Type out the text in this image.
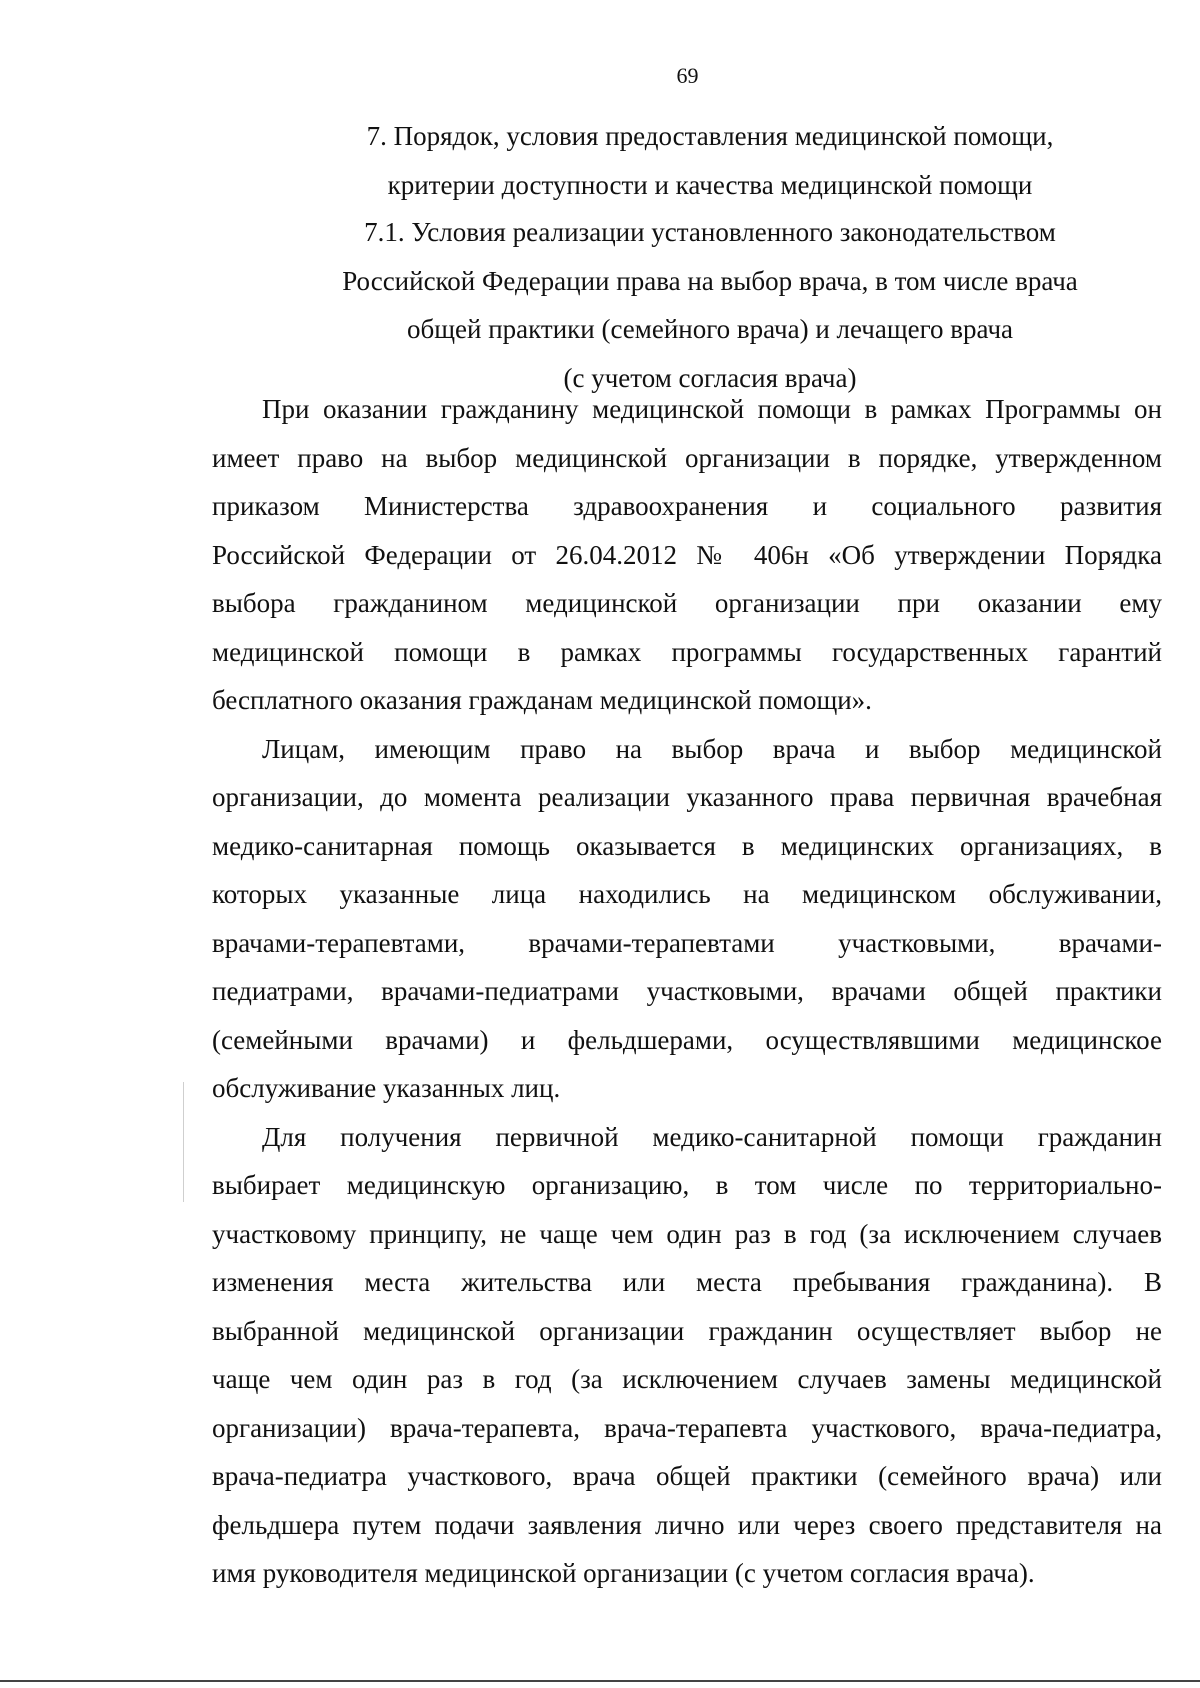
69
7. Порядок, условия предоставления медицинской помощи,
критерии доступности и качества медицинской помощи
7.1. Условия реализации установленного законодательством
Российской Федерации права на выбор врача, в том числе врача
общей практики (семейного врача) и лечащего врача
(с учетом согласия врача)
При оказании гражданину медицинской помощи в рамках Программы он
имеет право на выбор медицинской организации в порядке, утвержденном
приказом Министерства здравоохранения и социального развития
Российской Федерации от 26.04.2012 № 406н «Об утверждении Порядка
выбора гражданином медицинской организации при оказании ему
медицинской помощи в рамках программы государственных гарантий
бесплатного оказания гражданам медицинской помощи».
Лицам, имеющим право на выбор врача и выбор медицинской
организации, до момента реализации указанного права первичная врачебная
медико-санитарная помощь оказывается в медицинских организациях, в
которых указанные лица находились на медицинском обслуживании,
врачами-терапевтами, врачами-терапевтами участковыми, врачами-
педиатрами, врачами-педиатрами участковыми, врачами общей практики
(семейными врачами) и фельдшерами, осуществлявшими медицинское
обслуживание указанных лиц.
Для получения первичной медико-санитарной помощи гражданин
выбирает медицинскую организацию, в том числе по территориально-
участковому принципу, не чаще чем один раз в год (за исключением случаев
изменения места жительства или места пребывания гражданина). В
выбранной медицинской организации гражданин осуществляет выбор не
чаще чем один раз в год (за исключением случаев замены медицинской
организации) врача-терапевта, врача-терапевта участкового, врача-педиатра,
врача-педиатра участкового, врача общей практики (семейного врача) или
фельдшера путем подачи заявления лично или через своего представителя на
имя руководителя медицинской организации (с учетом согласия врача).
